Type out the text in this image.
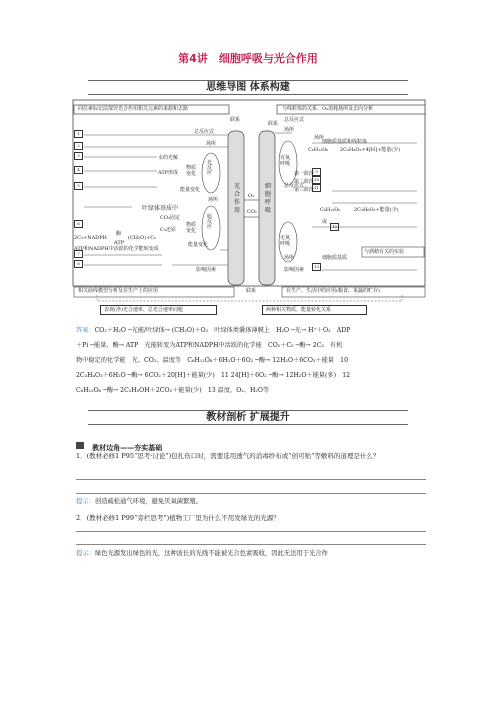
第4讲　细胞呼吸与光合作用
思维导图 体系构建
同位素标记法探究光合作用相关元素的来源和去路	与线粒体的关系、O₂消耗场所及去向分析
联系
联系
光合作用
细胞呼吸
O₂
CO₂
1
2
3
4
5
6
7
8
总反应式
场所
水的光解
ATP形成
能量变化
叶绿体基质中
CO₂固定
C₃还原
能量变化
影响因素
光反应
暗反应
物质变化
物质变化
场所
2C₃+NADPH
酶
ATP
(CH₂O)+C₅
ATP和NADPH中活跃的化学能转变成
总反应式
场所
场所
细胞质基质和线粒体
C₆H₁₂O₆ 2C₃H₄O₃+4[H]+能量(少)
总反应式
第一阶段
第二阶段
第三阶段
场所	细胞质基质
影响因素
与酒精有关的实验
有氧呼吸
无氧呼吸
或
C₆H₁₂O₆	2C₃H₆O₃+能量(少)
9
10
11
12
13
相关曲线模型分析及在生产上的应用	在生产、生活中的应用(粮食、果蔬的贮存)
联系
表观(净)光合速率、总光合速率问题	两种相关物质、能量转化关系
答案：CO₂＋H₂O ─光能/叶绿体→ (CH₂O)＋O₂　叶绿体类囊体薄膜上　H₂O ─光→ H⁺＋O₂　ADP
＋Pi ─能量、酶→ ATP　光能转变为ATP和NADPH中活跃的化学能　CO₂＋C₅ ─酶→ 2C₃　有机
物中稳定的化学能　光、CO₂、温度等　C₆H₁₂O₆＋6H₂O＋6O₂ ─酶→ 12H₂O＋6CO₂＋能量　10
2C₃H₄O₃＋6H₂O ─酶→ 6CO₂＋20[H]＋能量(少)　11 24[H]＋6O₂ ─酶→ 12H₂O＋能量(多)　12
C₆H₁₂O₆ ─酶→ 2C₂H₅OH＋2CO₂＋能量(少)　13 温度、O₂、H₂O等
教材剖析 扩展提升
教材边角——夯实基础
1．(教材必修1 P95“思考·讨论”)包扎伤口时，需要选用透气的消毒纱布或“创可贴”等敷料的道理是什么？
提示：创造疏松通气环境，避免厌氧菌繁殖。
2．(教材必修1 P99“旁栏思考”)植物工厂里为什么不用发绿光的光源？
提示：绿色光源发出绿色的光，这种波长的光线不能被光合色素吸收，因此无法用于光合作
